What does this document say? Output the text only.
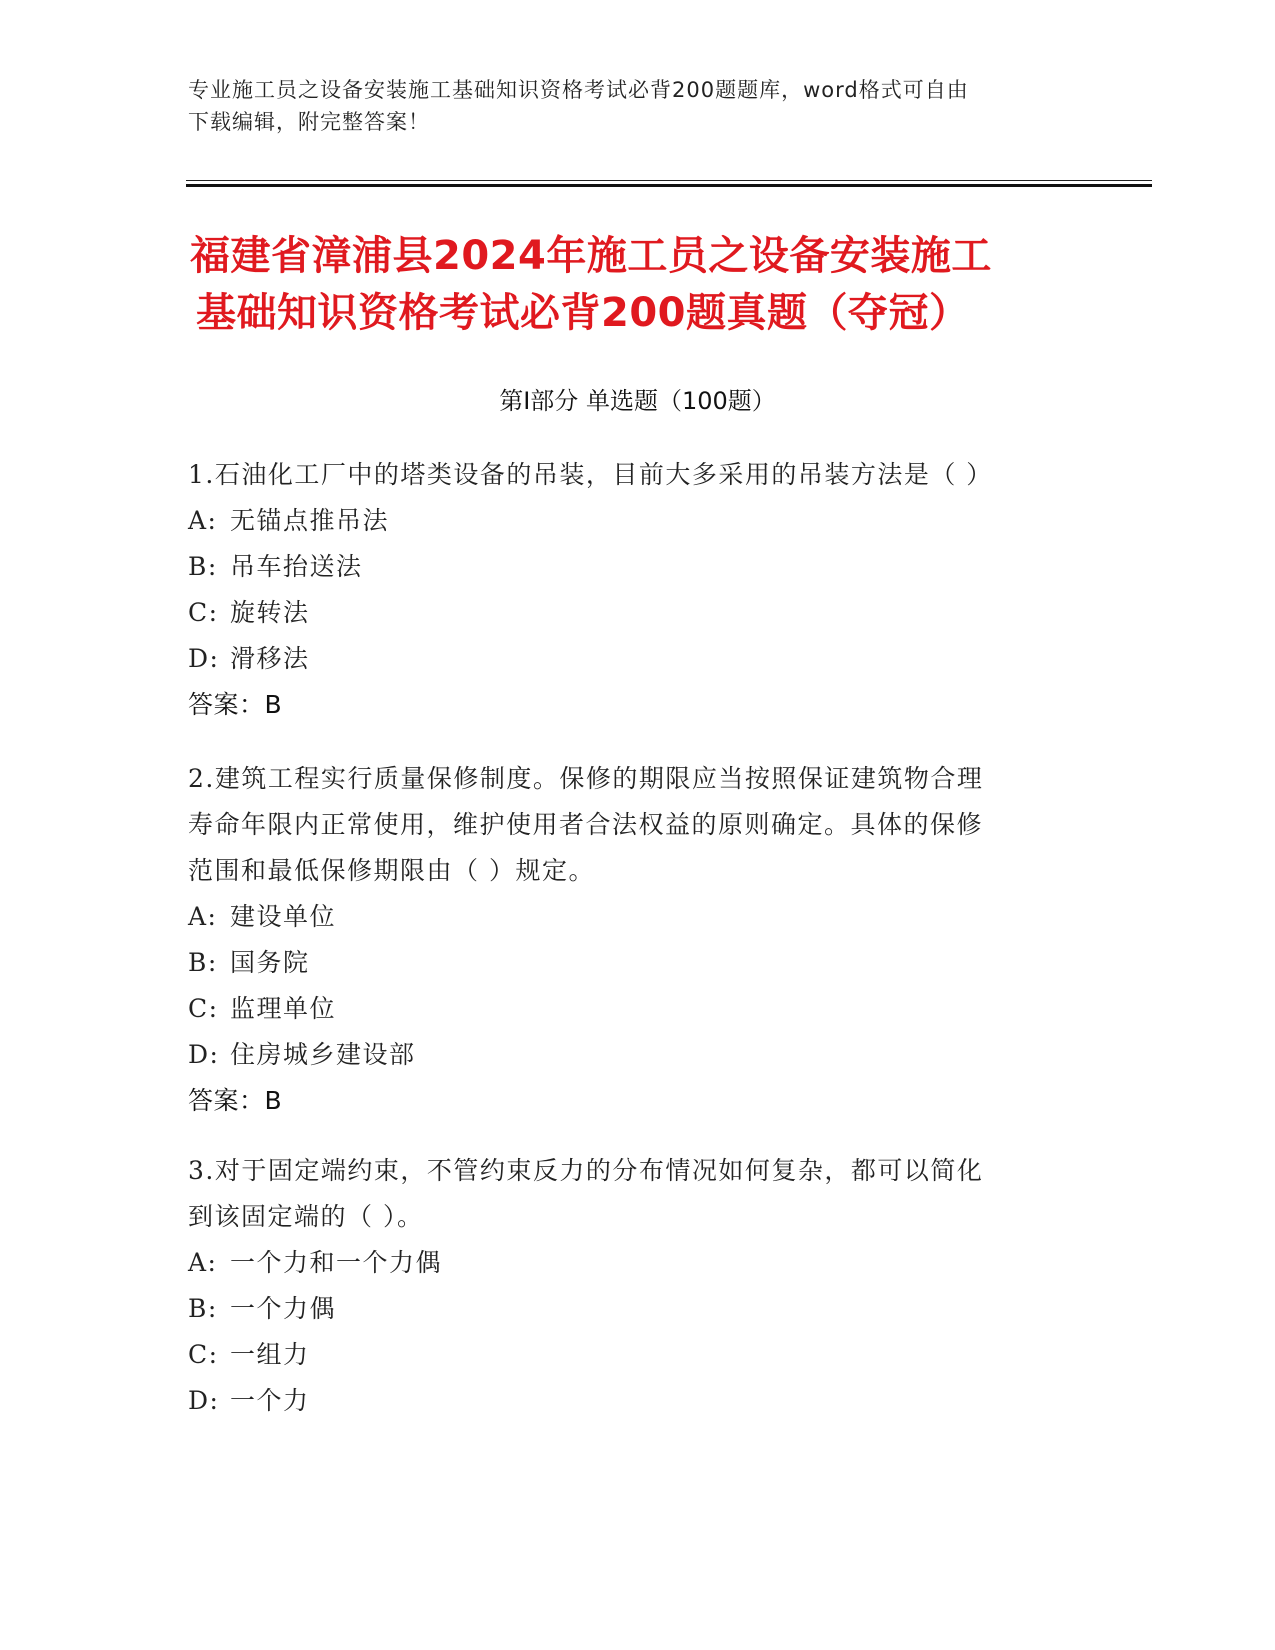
专业施工员之设备安装施工基础知识资格考试必背200题题库，word格式可自由
下载编辑，附完整答案！
福建省漳浦县2024年施工员之设备安装施工
基础知识资格考试必背200题真题（夺冠）
第Ⅰ部分 单选题（100题）
1.石油化工厂中的塔类设备的吊装，目前大多采用的吊装方法是（ ）
A: 无锚点推吊法
B: 吊车抬送法
C: 旋转法
D: 滑移法
答案：B
2.建筑工程实行质量保修制度。保修的期限应当按照保证建筑物合理
寿命年限内正常使用，维护使用者合法权益的原则确定。具体的保修
范围和最低保修期限由（ ）规定。
A: 建设单位
B: 国务院
C: 监理单位
D: 住房城乡建设部
答案：B
3.对于固定端约束，不管约束反力的分布情况如何复杂，都可以简化
到该固定端的（ ）。
A: 一个力和一个力偶
B: 一个力偶
C: 一组力
D: 一个力
